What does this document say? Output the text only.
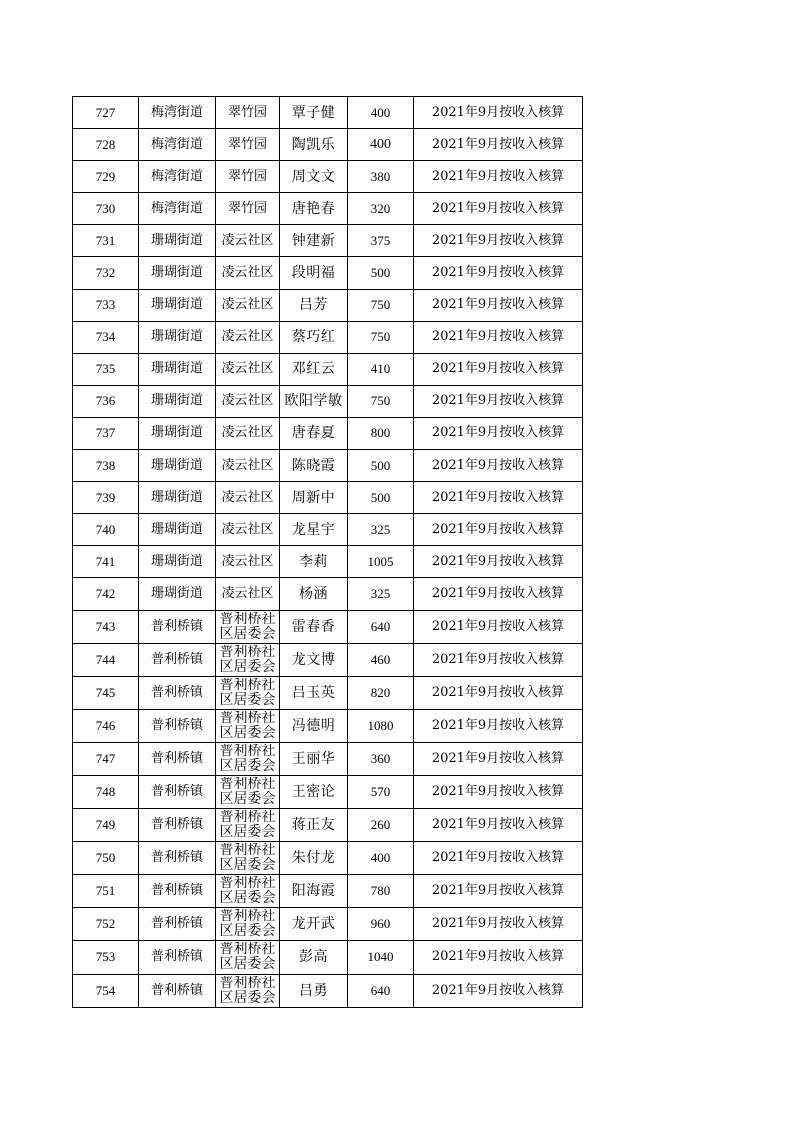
727	梅湾街道	翠竹园	覃子健	400	2021年9月按收入核算
728	梅湾街道	翠竹园	陶凯乐	400	2021年9月按收入核算
729	梅湾街道	翠竹园	周文文	380	2021年9月按收入核算
730	梅湾街道	翠竹园	唐艳春	320	2021年9月按收入核算
731	珊瑚街道	凌云社区	钟建新	375	2021年9月按收入核算
732	珊瑚街道	凌云社区	段明福	500	2021年9月按收入核算
733	珊瑚街道	凌云社区	吕芳	750	2021年9月按收入核算
734	珊瑚街道	凌云社区	蔡巧红	750	2021年9月按收入核算
735	珊瑚街道	凌云社区	邓红云	410	2021年9月按收入核算
736	珊瑚街道	凌云社区	欧阳学敏	750	2021年9月按收入核算
737	珊瑚街道	凌云社区	唐春夏	800	2021年9月按收入核算
738	珊瑚街道	凌云社区	陈晓霞	500	2021年9月按收入核算
739	珊瑚街道	凌云社区	周新中	500	2021年9月按收入核算
740	珊瑚街道	凌云社区	龙星宇	325	2021年9月按收入核算
741	珊瑚街道	凌云社区	李莉	1005	2021年9月按收入核算
742	珊瑚街道	凌云社区	杨涵	325	2021年9月按收入核算
743	普利桥镇	普利桥社区居委会	雷春香	640	2021年9月按收入核算
744	普利桥镇	普利桥社区居委会	龙文博	460	2021年9月按收入核算
745	普利桥镇	普利桥社区居委会	吕玉英	820	2021年9月按收入核算
746	普利桥镇	普利桥社区居委会	冯德明	1080	2021年9月按收入核算
747	普利桥镇	普利桥社区居委会	王丽华	360	2021年9月按收入核算
748	普利桥镇	普利桥社区居委会	王密论	570	2021年9月按收入核算
749	普利桥镇	普利桥社区居委会	蒋正友	260	2021年9月按收入核算
750	普利桥镇	普利桥社区居委会	朱付龙	400	2021年9月按收入核算
751	普利桥镇	普利桥社区居委会	阳海霞	780	2021年9月按收入核算
752	普利桥镇	普利桥社区居委会	龙开武	960	2021年9月按收入核算
753	普利桥镇	普利桥社区居委会	彭高	1040	2021年9月按收入核算
754	普利桥镇	普利桥社区居委会	吕勇	640	2021年9月按收入核算
